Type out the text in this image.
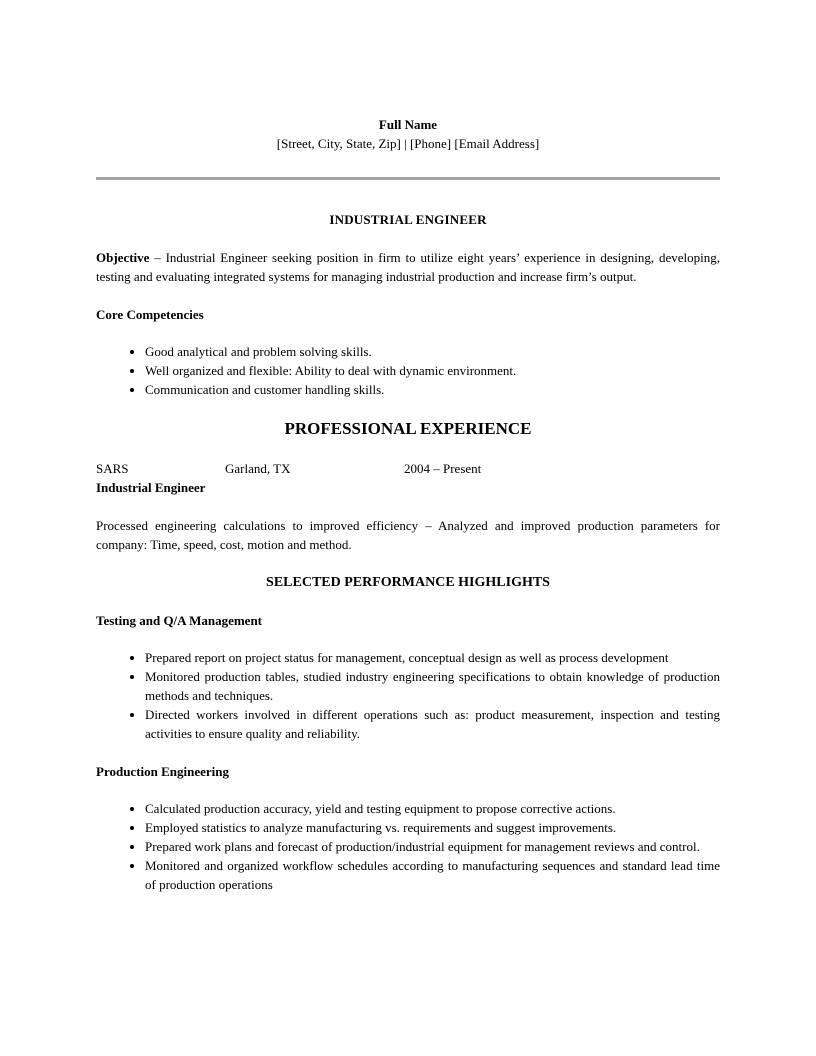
Full Name
[Street, City, State, Zip] | [Phone] [Email Address]
INDUSTRIAL ENGINEER
Objective – Industrial Engineer seeking position in firm to utilize eight years’ experience in designing, developing, testing and evaluating integrated systems for managing industrial production and increase firm’s output.
Core Competencies
• Good analytical and problem solving skills.
• Well organized and flexible: Ability to deal with dynamic environment.
• Communication and customer handling skills.
PROFESSIONAL EXPERIENCE
SARS	Garland, TX	2004 – Present
Industrial Engineer
Processed engineering calculations to improved efficiency – Analyzed and improved production parameters for company: Time, speed, cost, motion and method.
SELECTED PERFORMANCE HIGHLIGHTS
Testing and Q/A Management
• Prepared report on project status for management, conceptual design as well as process development
• Monitored production tables, studied industry engineering specifications to obtain knowledge of production methods and techniques.
• Directed workers involved in different operations such as: product measurement, inspection and testing activities to ensure quality and reliability.
Production Engineering
• Calculated production accuracy, yield and testing equipment to propose corrective actions.
• Employed statistics to analyze manufacturing vs. requirements and suggest improvements.
• Prepared work plans and forecast of production/industrial equipment for management reviews and control.
• Monitored and organized workflow schedules according to manufacturing sequences and standard lead time of production operations
